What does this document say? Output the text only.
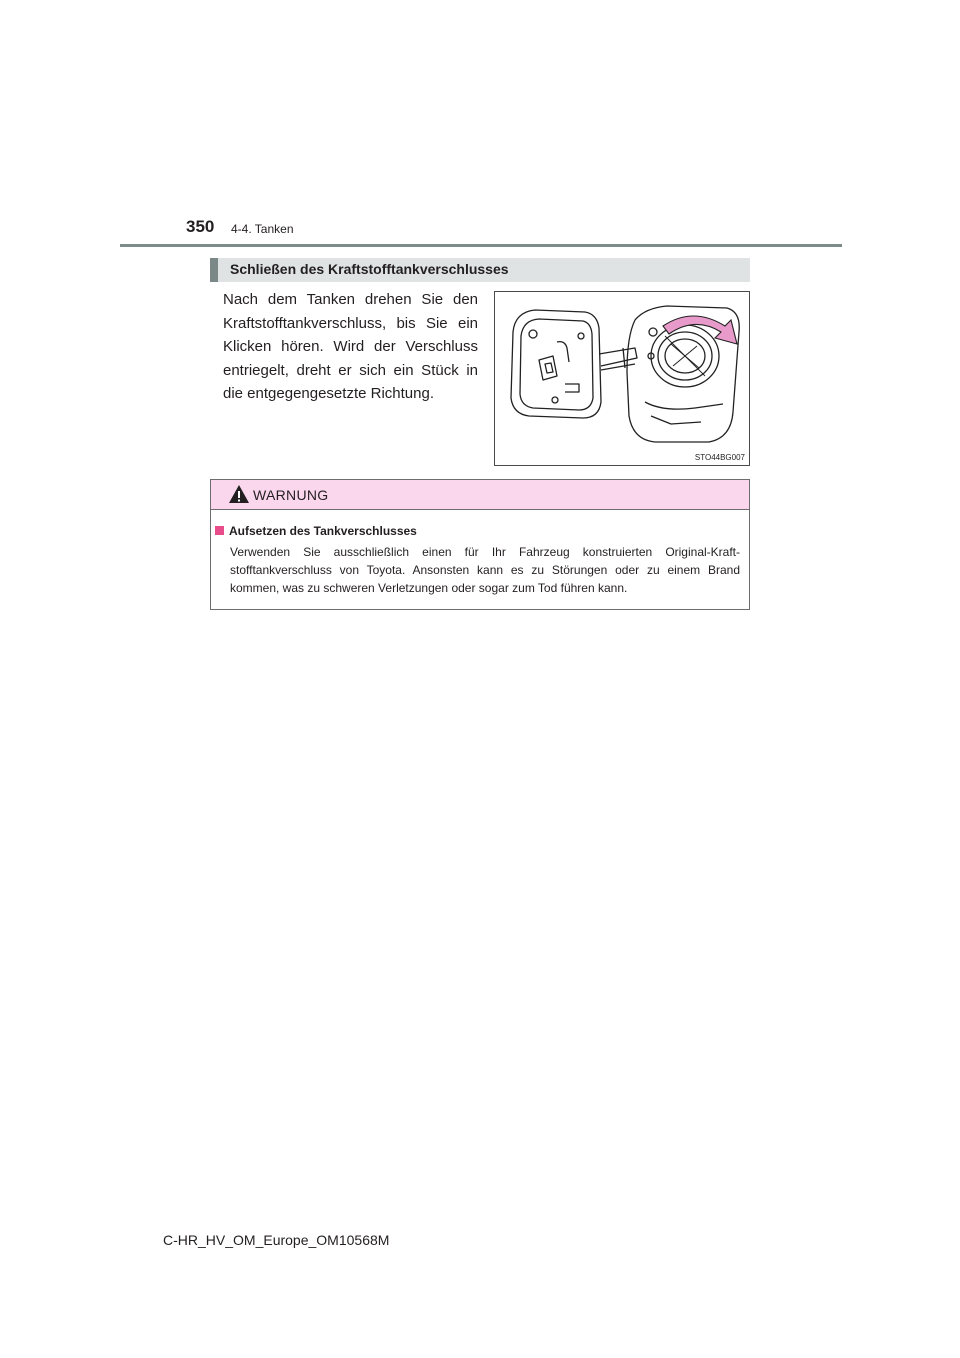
350 4-4. Tanken
Schließen des Kraftstofftankverschlusses
Nach dem Tanken drehen Sie den Kraftstofftankverschluss, bis Sie ein Klicken hören. Wird der Verschluss entriegelt, dreht er sich ein Stück in die entgegengesetzte Richtung.
STO44BG007
WARNUNG
Aufsetzen des Tankverschlusses
Verwenden Sie ausschließlich einen für Ihr Fahrzeug konstruierten Original-Kraft-stofftankverschluss von Toyota. Ansonsten kann es zu Störungen oder zu einem Brand kommen, was zu schweren Verletzungen oder sogar zum Tod führen kann.
C-HR_HV_OM_Europe_OM10568M
